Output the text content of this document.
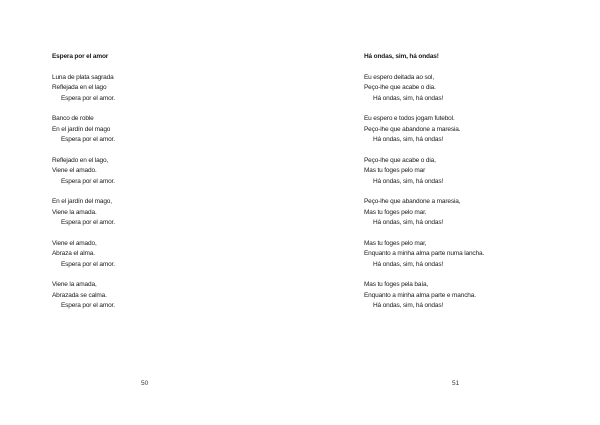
Espera por el amor
Luna de plata sagrada
Reflejada en el lago
Espera por el amor.
Banco de roble
En el jardín del mago
Espera por el amor.
Reflejado en el lago,
Viene el amado.
Espera por el amor.
En el jardín del mago,
Viene la amada.
Espera por el amor.
Viene el amado,
Abraza el alma.
Espera por el amor.
Viene la amada,
Abrazada se calma.
Espera por el amor.
50
Há ondas, sim, há ondas!
Eu espero deitada ao sol,
Peço-lhe que acabe o dia.
Há ondas, sim, há ondas!
Eu espero e todos jogam futebol.
Peço-lhe que abandone a maresia.
Há ondas, sim, há ondas!
Peço-lhe que acabe o dia,
Mas tu foges pelo mar
Há ondas, sim, há ondas!
Peço-lhe que abandone a maresia,
Mas tu foges pelo mar.
Há ondas, sim, há ondas!
Mas tu foges pelo mar,
Enquanto a minha alma parte numa lancha.
Há ondas, sim, há ondas!
Mas tu foges pela baía,
Enquanto a minha alma parte e mancha.
Há ondas, sim, há ondas!
51
